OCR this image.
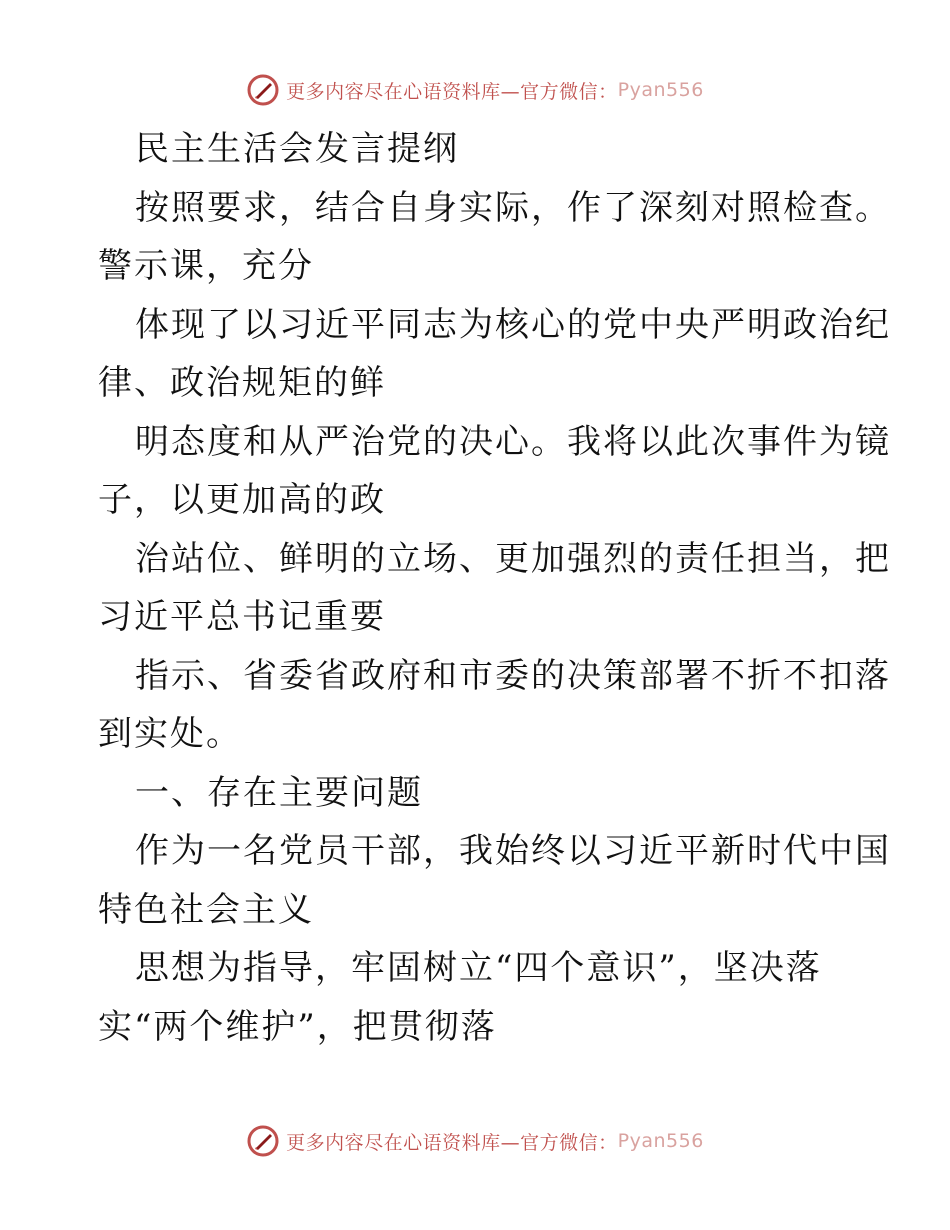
更多内容尽在心语资料库—官方微信： Pyan556
民主生活会发言提纲
按照要求，结合自身实际，作了深刻对照检查。
警示课，充分
体现了以习近平同志为核心的党中央严明政治纪
律、政治规矩的鲜
明态度和从严治党的决心。我将以此次事件为镜
子，以更加高的政
治站位、鲜明的立场、更加强烈的责任担当，把
习近平总书记重要
指示、省委省政府和市委的决策部署不折不扣落
到实处。
一、存在主要问题
作为一名党员干部，我始终以习近平新时代中国
特色社会主义
思想为指导，牢固树立“四个意识”，坚决落
实“两个维护”，把贯彻落
更多内容尽在心语资料库—官方微信： Pyan556
